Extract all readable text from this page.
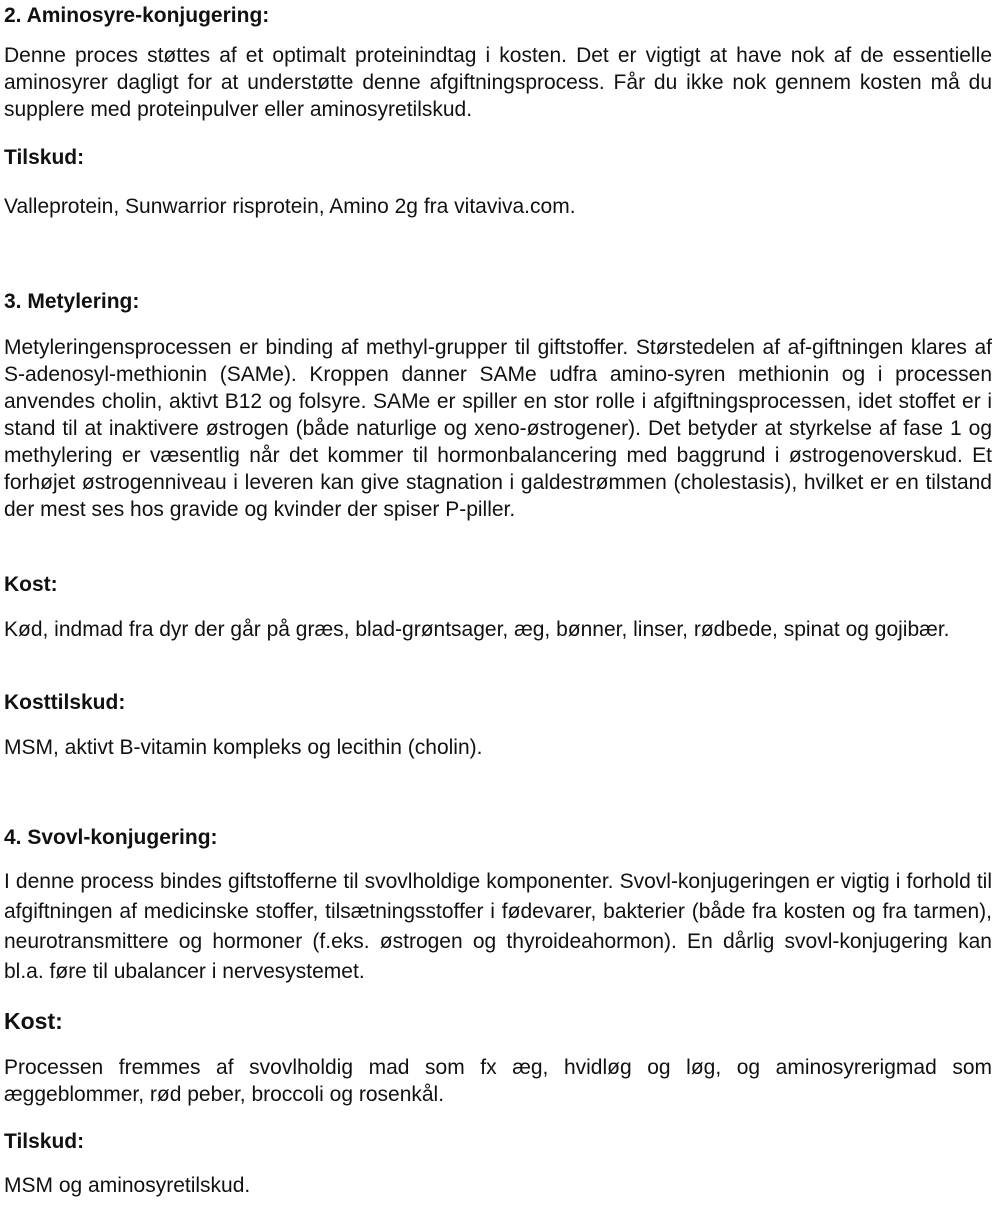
2. Aminosyre-konjugering:

Denne proces støttes af et optimalt proteinindtag i kosten. Det er vigtigt at have nok af de essentielle aminosyrer dagligt for at understøtte denne afgiftningsprocess. Får du ikke nok gennem kosten må du supplere med proteinpulver eller aminosyretilskud.

Tilskud:

Valleprotein, Sunwarrior risprotein, Amino 2g fra vitaviva.com.

3. Metylering:

Metyleringensprocessen er binding af methyl-grupper til giftstoffer. Størstedelen af af-giftningen klares af S-adenosyl-methionin (SAMe). Kroppen danner SAMe udfra amino-syren methionin og i processen anvendes cholin, aktivt B12 og folsyre. SAMe er spiller en stor rolle i afgiftningsprocessen, idet stoffet er i stand til at inaktivere østrogen (både naturlige og xeno-østrogener). Det betyder at styrkelse af fase 1 og methylering er væsentlig når det kommer til hormonbalancering med baggrund i østrogenoverskud. Et forhøjet østrogenniveau i leveren kan give stagnation i galdestrømmen (cholestasis), hvilket er en tilstand der mest ses hos gravide og kvinder der spiser P-piller.

Kost:

Kød, indmad fra dyr der går på græs, blad-grøntsager, æg, bønner, linser, rødbede, spinat og gojibær.

Kosttilskud:

MSM, aktivt B-vitamin kompleks og lecithin (cholin).

4. Svovl-konjugering:

I denne process bindes giftstofferne til svovlholdige komponenter. Svovl-konjugeringen er vigtig i forhold til afgiftningen af medicinske stoffer, tilsætningsstoffer i fødevarer, bakterier (både fra kosten og fra tarmen), neurotransmittere og hormoner (f.eks. østrogen og thyroideahormon). En dårlig svovl-konjugering kan bl.a. føre til ubalancer i nervesystemet.

Kost:

Processen fremmes af svovlholdig mad som fx æg, hvidløg og løg, og aminosyrerigmad som æggeblommer, rød peber, broccoli og rosenkål.

Tilskud:

MSM og aminosyretilskud.
